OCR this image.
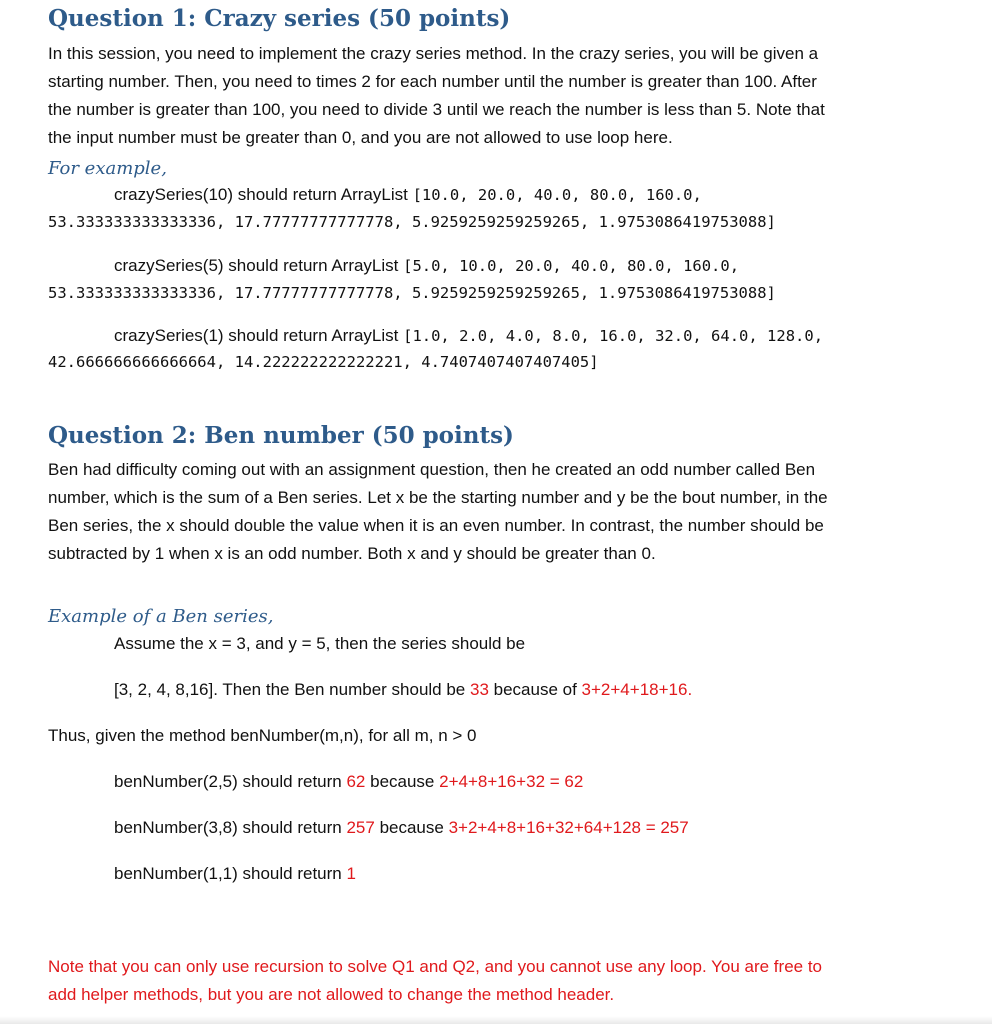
Question 1: Crazy series (50 points)
In this session, you need to implement the crazy series method. In the crazy series, you will be given a
starting number. Then, you need to times 2 for each number until the number is greater than 100. After
the number is greater than 100, you need to divide 3 until we reach the number is less than 5. Note that
the input number must be greater than 0, and you are not allowed to use loop here.
For example,
crazySeries(10) should return ArrayList [10.0, 20.0, 40.0, 80.0, 160.0,
53.333333333333336, 17.77777777777778, 5.9259259259259265, 1.9753086419753088]
crazySeries(5) should return ArrayList [5.0, 10.0, 20.0, 40.0, 80.0, 160.0,
53.333333333333336, 17.77777777777778, 5.9259259259259265, 1.9753086419753088]
crazySeries(1) should return ArrayList [1.0, 2.0, 4.0, 8.0, 16.0, 32.0, 64.0, 128.0,
42.666666666666664, 14.222222222222221, 4.7407407407407405]
Question 2: Ben number (50 points)
Ben had difficulty coming out with an assignment question, then he created an odd number called Ben
number, which is the sum of a Ben series. Let x be the starting number and y be the bout number, in the
Ben series, the x should double the value when it is an even number. In contrast, the number should be
subtracted by 1 when x is an odd number. Both x and y should be greater than 0.
Example of a Ben series,
Assume the x = 3, and y = 5, then the series should be
[3, 2, 4, 8,16]. Then the Ben number should be 33 because of 3+2+4+18+16.
Thus, given the method benNumber(m,n), for all m, n > 0
benNumber(2,5) should return 62 because 2+4+8+16+32 = 62
benNumber(3,8) should return 257 because 3+2+4+8+16+32+64+128 = 257
benNumber(1,1) should return 1
Note that you can only use recursion to solve Q1 and Q2, and you cannot use any loop. You are free to
add helper methods, but you are not allowed to change the method header.
